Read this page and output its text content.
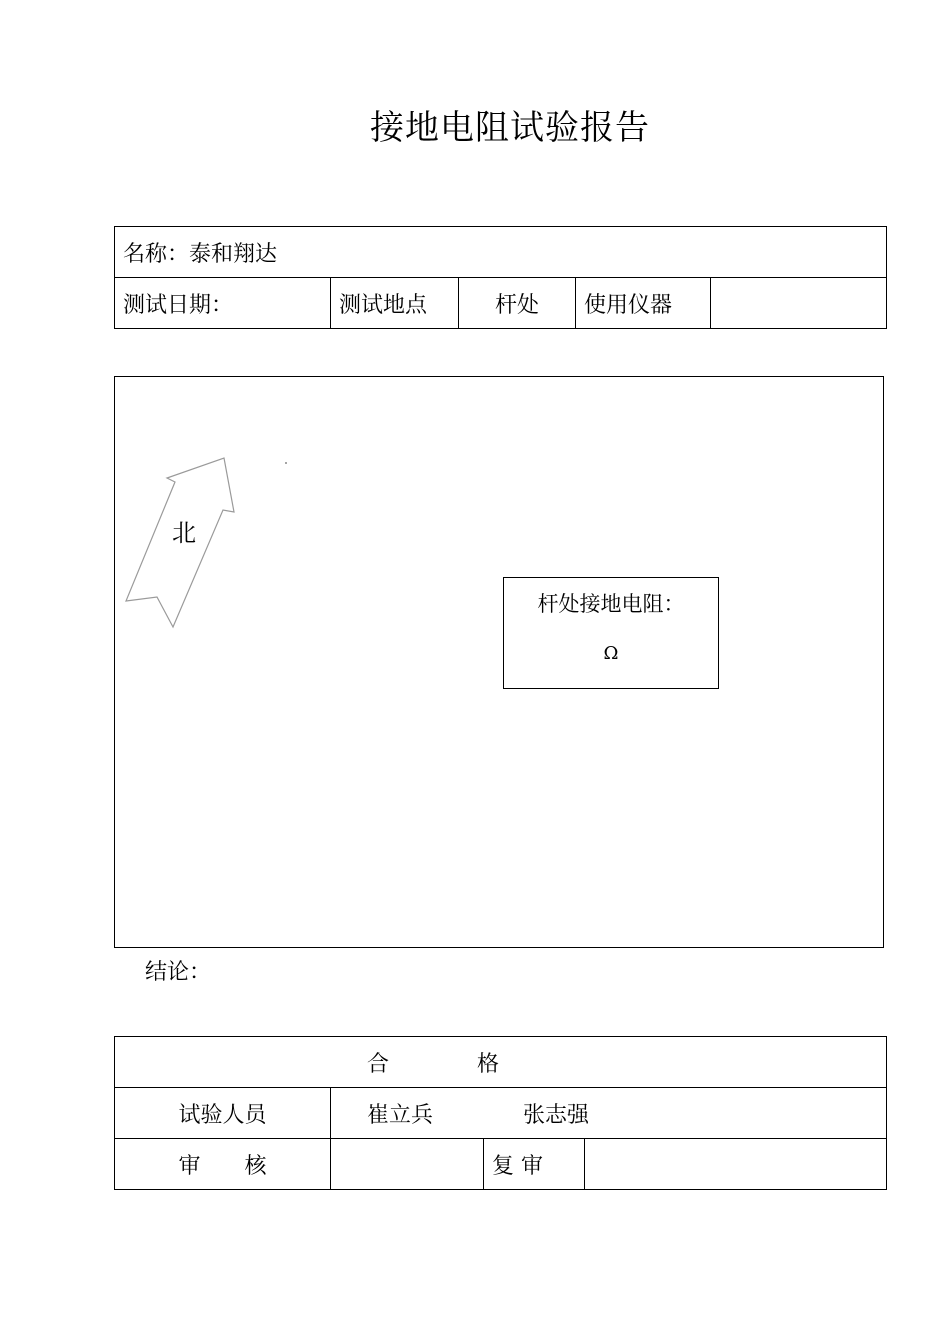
接地电阻试验报告
名称：泰和翔达
测试日期：	测试地点	杆处	使用仪器	
北
杆处接地电阻：
Ω
结论：
合　　　　格			
试验人员	崔立兵 张志强		
审　　核		复 审	
